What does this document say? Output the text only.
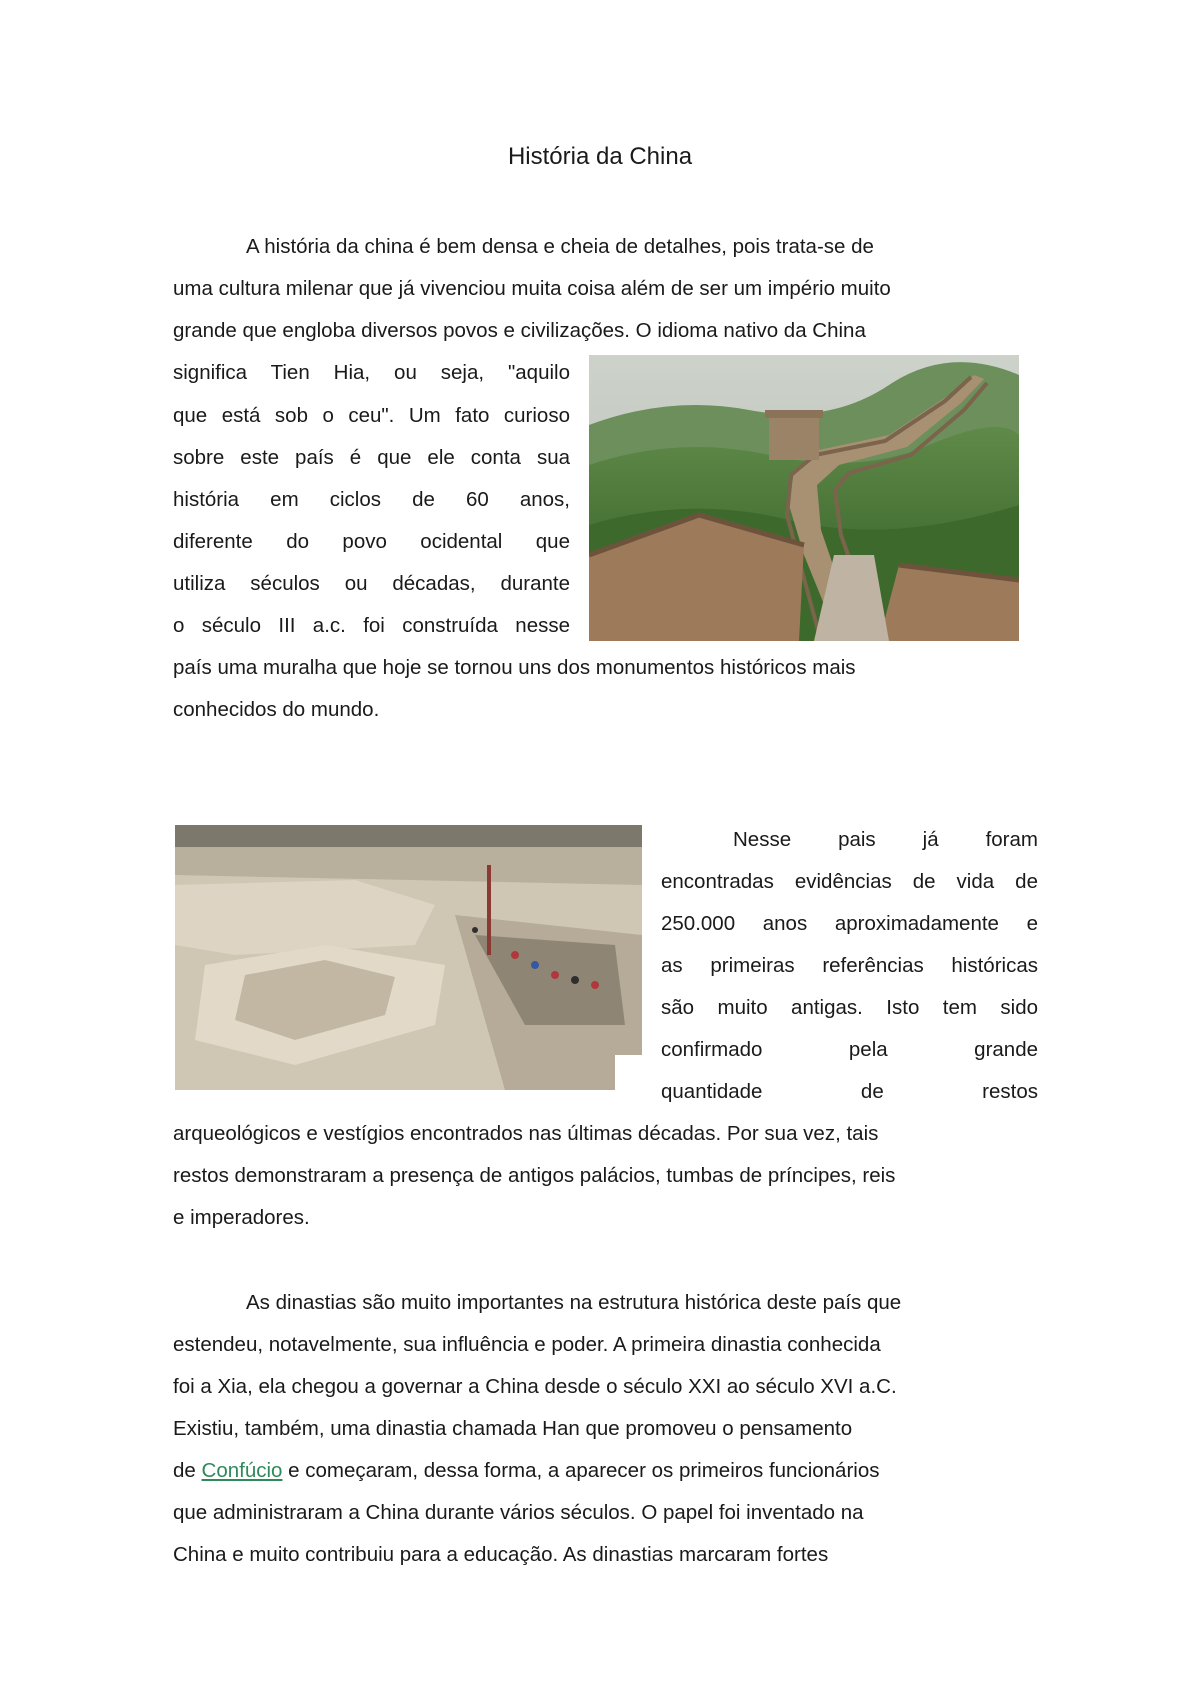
História da China

A história da china é bem densa e cheia de detalhes, pois trata-se de

uma cultura milenar que já vivenciou muita coisa além de ser um império muito

grande que engloba diversos povos e civilizações. O idioma nativo da China

significa Tien Hia, ou seja, "aquilo

que está sob o ceu". Um fato curioso

sobre este país é que ele conta sua

história em ciclos de 60 anos,

diferente do povo ocidental que

utiliza séculos ou décadas, durante

o século III a.c. foi construída nesse

país uma muralha que hoje se tornou uns dos monumentos históricos mais

conhecidos do mundo.

Nesse pais já foram

encontradas evidências de vida de

250.000 anos aproximadamente e

as primeiras referências históricas

são muito antigas. Isto tem sido

confirmado pela grande

quantidade de restos

arqueológicos e vestígios encontrados nas últimas décadas. Por sua vez, tais

restos demonstraram a presença de antigos palácios, tumbas de príncipes, reis

e imperadores.

As dinastias são muito importantes na estrutura histórica deste país que

estendeu, notavelmente, sua influência e poder. A primeira dinastia conhecida

foi a Xia, ela chegou a governar a China desde o século XXI ao século XVI a.C.

Existiu, também, uma dinastia chamada Han que promoveu o pensamento

de Confúcio e começaram, dessa forma, a aparecer os primeiros funcionários

que administraram a China durante vários séculos. O papel foi inventado na

China e muito contribuiu para a educação. As dinastias marcaram fortes
